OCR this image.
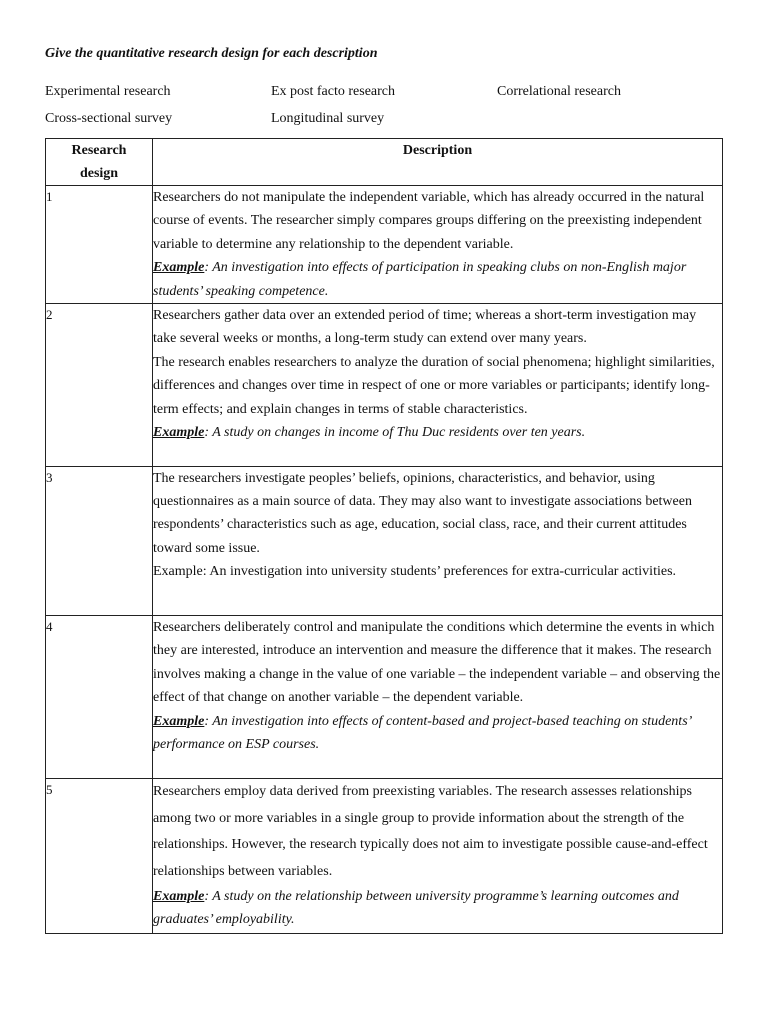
Give the quantitative research design for each description
Experimental research	Ex post facto research	Correlational research
Cross-sectional survey	Longitudinal survey
Research
design	Description
1	Researchers do not manipulate the independent variable, which has already occurred in the natural course of events. The researcher simply compares groups differing on the preexisting independent variable to determine any relationship to the dependent variable.

Example: An investigation into effects of participation in speaking clubs on non-English major students’ speaking competence.

2	Researchers gather data over an extended period of time; whereas a short-term investigation may take several weeks or months, a long-term study can extend over many years.

The research enables researchers to analyze the duration of social phenomena; highlight similarities, differences and changes over time in respect of one or more variables or participants; identify long-term effects; and explain changes in terms of stable characteristics.

Example: A study on changes in income of Thu Duc residents over ten years.

3	The researchers investigate peoples’ beliefs, opinions, characteristics, and behavior, using questionnaires as a main source of data. They may also want to investigate associations between respondents’ characteristics such as age, education, social class, race, and their current attitudes toward some issue.

Example: An investigation into university students’ preferences for extra-curricular activities.

4	Researchers deliberately control and manipulate the conditions which determine the events in which they are interested, introduce an intervention and measure the difference that it makes. The research involves making a change in the value of one variable – the independent variable – and observing the effect of that change on another variable – the dependent variable.

Example: An investigation into effects of content-based and project-based teaching on students’ performance on ESP courses.

5	Researchers employ data derived from preexisting variables. The research assesses relationships among two or more variables in a single group to provide information about the strength of the relationships. However, the research typically does not aim to investigate possible cause-and-effect relationships between variables.

Example: A study on the relationship between university programme’s learning outcomes and graduates’ employability.
